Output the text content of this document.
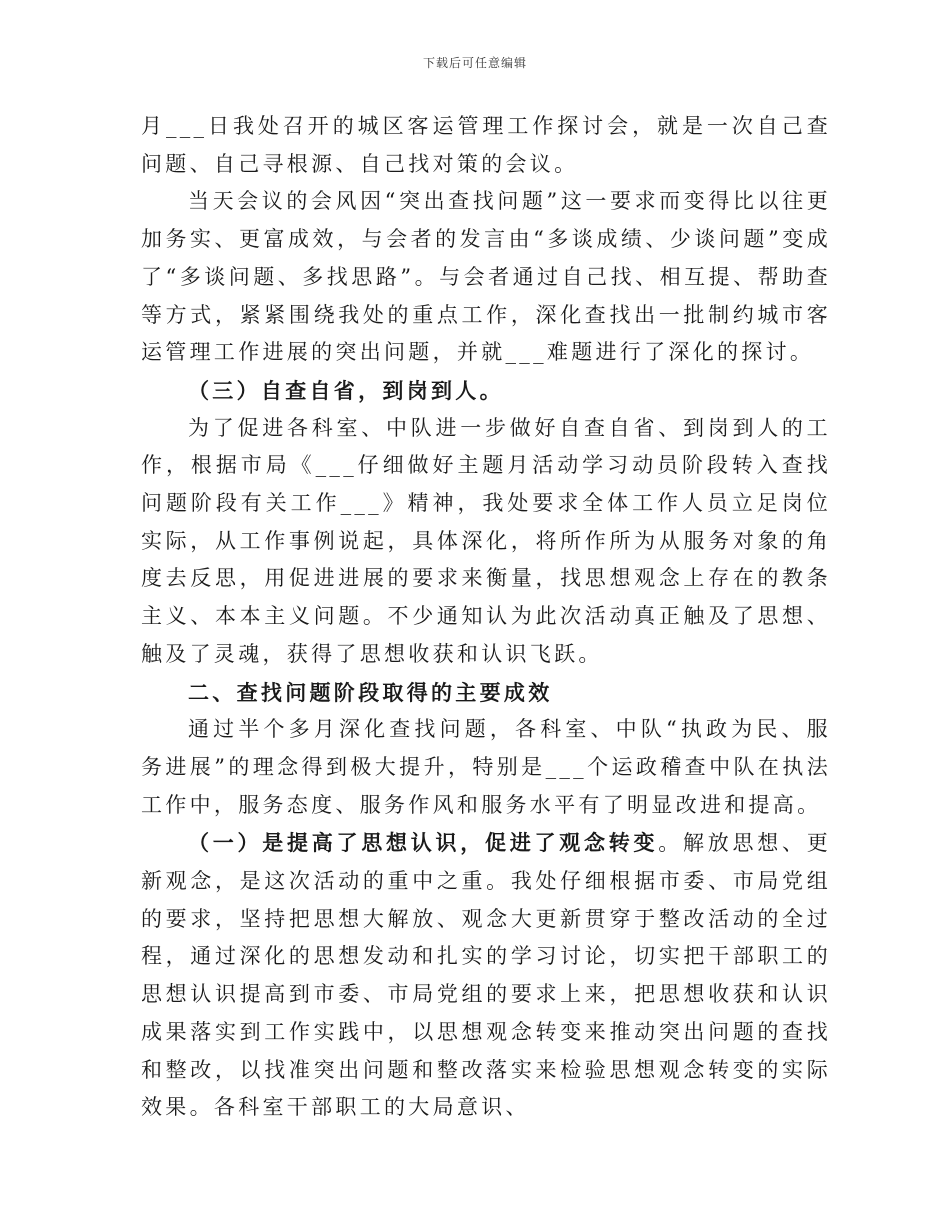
下载后可任意编辑

月___日我处召开的城区客运管理工作探讨会，就是一次自己查问题、自己寻根源、自己找对策的会议。

当天会议的会风因“突出查找问题”这一要求而变得比以往更加务实、更富成效，与会者的发言由“多谈成绩、少谈问题”变成了“多谈问题、多找思路”。与会者通过自己找、相互提、帮助查等方式，紧紧围绕我处的重点工作，深化查找出一批制约城市客运管理工作进展的突出问题，并就___难题进行了深化的探讨。

（三）自查自省，到岗到人。

为了促进各科室、中队进一步做好自查自省、到岗到人的工作，根据市局《___仔细做好主题月活动学习动员阶段转入查找问题阶段有关工作___》精神，我处要求全体工作人员立足岗位实际，从工作事例说起，具体深化，将所作所为从服务对象的角度去反思，用促进进展的要求来衡量，找思想观念上存在的教条主义、本本主义问题。不少通知认为此次活动真正触及了思想、触及了灵魂，获得了思想收获和认识飞跃。

二、查找问题阶段取得的主要成效

通过半个多月深化查找问题，各科室、中队“执政为民、服务进展”的理念得到极大提升，特别是___个运政稽查中队在执法工作中，服务态度、服务作风和服务水平有了明显改进和提高。

（一）是提高了思想认识，促进了观念转变。解放思想、更新观念，是这次活动的重中之重。我处仔细根据市委、市局党组的要求，坚持把思想大解放、观念大更新贯穿于整改活动的全过程，通过深化的思想发动和扎实的学习讨论，切实把干部职工的思想认识提高到市委、市局党组的要求上来，把思想收获和认识成果落实到工作实践中，以思想观念转变来推动突出问题的查找和整改，以找准突出问题和整改落实来检验思想观念转变的实际效果。各科室干部职工的大局意识、
